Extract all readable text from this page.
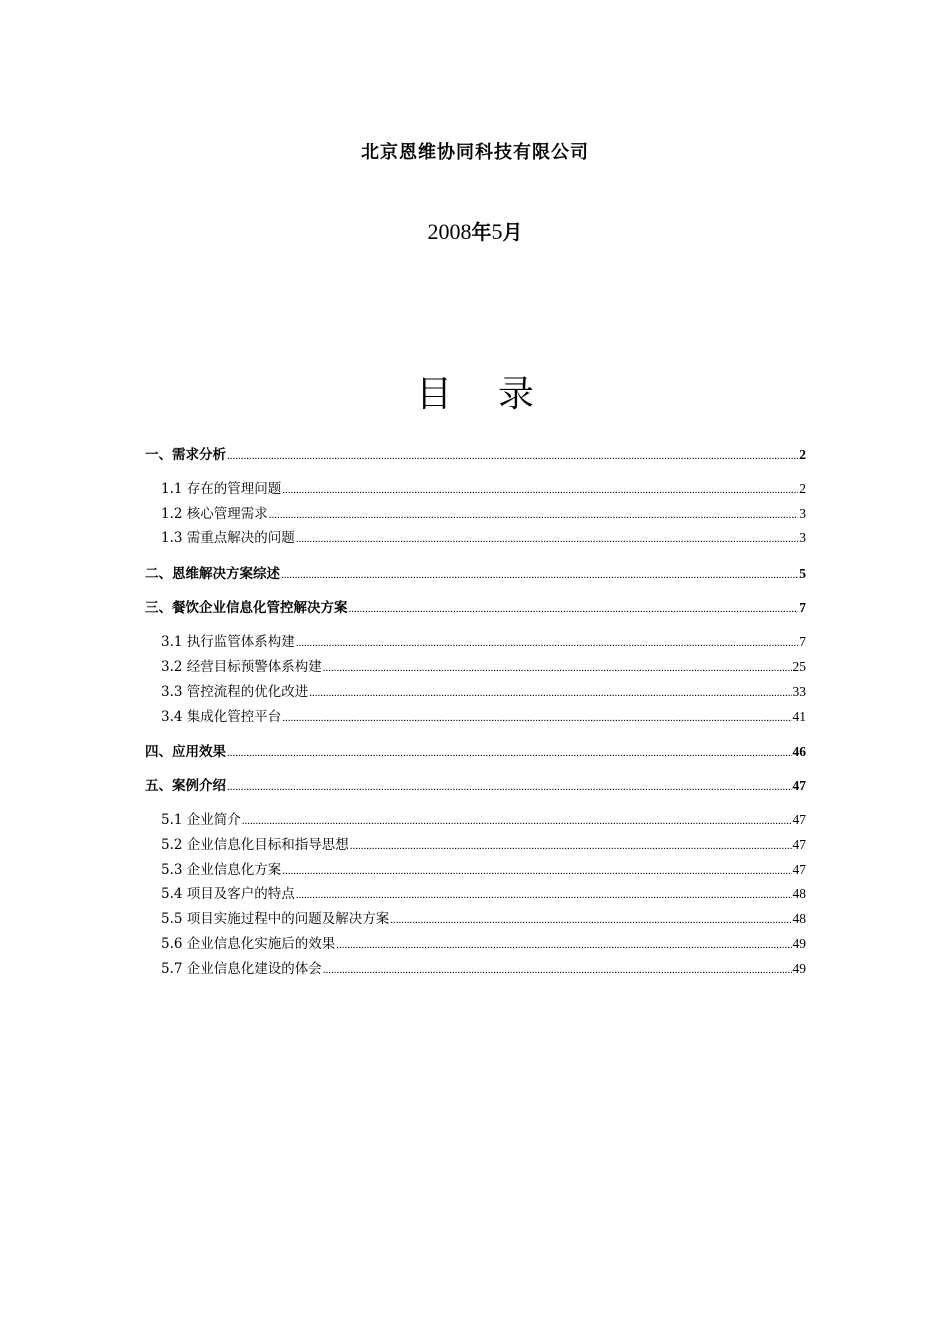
北京恩维协同科技有限公司
2008年5月
目录
一、需求分析 .....	2
1.1 存在的管理问题 .....	2
1.2 核心管理需求 .....	3
1.3 需重点解决的问题 .....	3
二、恩维解决方案综述 .....	5
三、餐饮企业信息化管控解决方案 .....	7
3.1 执行监管体系构建 .....	7
3.2 经营目标预警体系构建 .....	25
3.3 管控流程的优化改进 .....	33
3.4 集成化管控平台 .....	41
四、应用效果 .....	46
五、案例介绍 .....	47
5.1 企业简介 .....	47
5.2 企业信息化目标和指导思想 .....	47
5.3 企业信息化方案 .....	47
5.4 项目及客户的特点 .....	48
5.5 项目实施过程中的问题及解决方案 .....	48
5.6 企业信息化实施后的效果 .....	49
5.7 企业信息化建设的体会 .....	49
